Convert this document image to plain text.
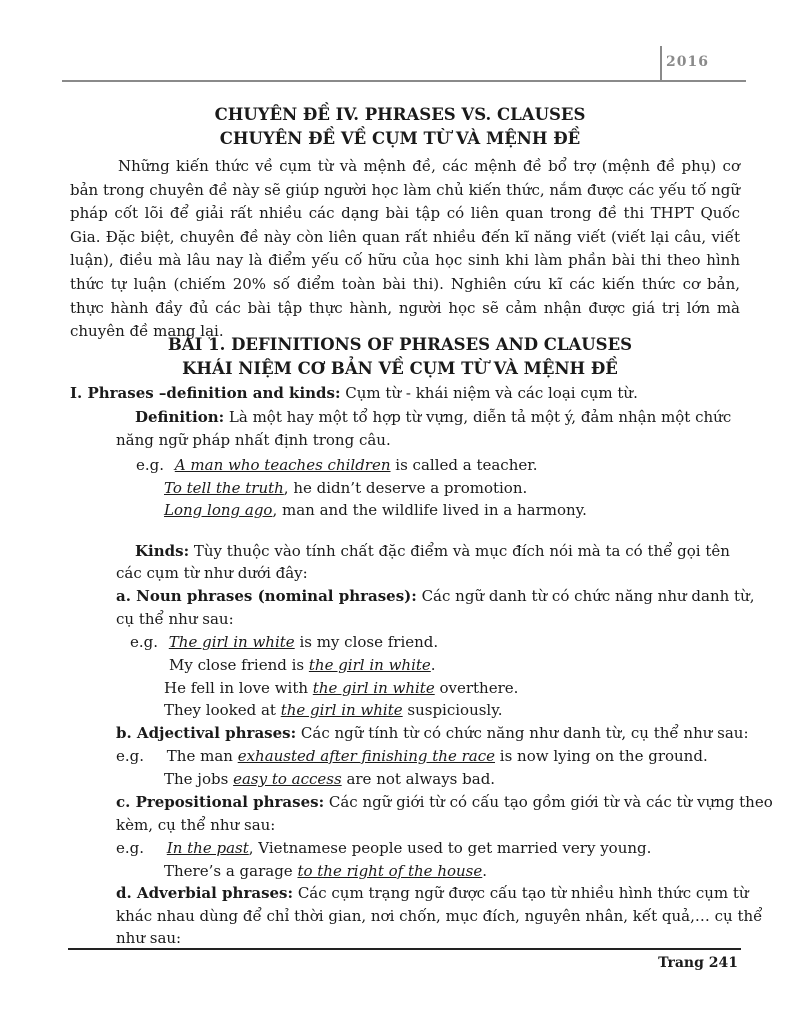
2016
CHUYÊN ĐỀ IV. PHRASES VS. CLAUSES
CHUYÊN ĐỀ VỀ CỤM TỪ VÀ MỆNH ĐỀ
Những kiến thức về cụm từ và mệnh đề, các mệnh đề bổ trợ (mệnh đề phụ) cơ bản trong chuyên đề này sẽ giúp người học làm chủ kiến thức, nắm được các yếu tố ngữ pháp cốt lõi để giải rất nhiều các dạng bài tập có liên quan trong đề thi THPT Quốc Gia. Đặc biệt, chuyên đề này còn liên quan rất nhiều đến kĩ năng viết (viết lại câu, viết luận), điều mà lâu nay là điểm yếu cố hữu của học sinh khi làm phần bài thi theo hình thức tự luận (chiếm 20% số điểm toàn bài thi). Nghiên cứu kĩ các kiến thức cơ bản, thực hành đầy đủ các bài tập thực hành, người học sẽ cảm nhận được giá trị lớn mà chuyên đề mang lại.
BÀI 1. DEFINITIONS OF PHRASES AND CLAUSES
KHÁI NIỆM CƠ BẢN VỀ CỤM TỪ VÀ MỆNH ĐỀ
I. Phrases –definition and kinds: Cụm từ - khái niệm và các loại cụm từ.
Definition: Là một hay một tổ hợp từ vựng, diễn tả một ý, đảm nhận một chức
năng ngữ pháp nhất định trong câu.
e.g. A man who teaches children is called a teacher.
To tell the truth, he didn’t deserve a promotion.
Long long ago, man and the wildlife lived in a harmony.
Kinds: Tùy thuộc vào tính chất đặc điểm và mục đích nói mà ta có thể gọi tên
các cụm từ như dưới đây:
a. Noun phrases (nominal phrases): Các ngữ danh từ có chức năng như danh từ,
cụ thể như sau:
e.g. The girl in white is my close friend.
My close friend is the girl in white.
He fell in love with the girl in white overthere.
They looked at the girl in white suspiciously.
b. Adjectival phrases: Các ngữ tính từ có chức năng như danh từ, cụ thể như sau:
e.g. The man exhausted after finishing the race is now lying on the ground.
The jobs easy to access are not always bad.
c. Prepositional phrases: Các ngữ giới từ có cấu tạo gồm giới từ và các từ vựng theo
kèm, cụ thể như sau:
e.g. In the past, Vietnamese people used to get married very young.
There’s a garage to the right of the house.
d. Adverbial phrases: Các cụm trạng ngữ được cấu tạo từ nhiều hình thức cụm từ
khác nhau dùng để chỉ thời gian, nơi chốn, mục đích, nguyên nhân, kết quả,… cụ thể
như sau:
Trang 241
